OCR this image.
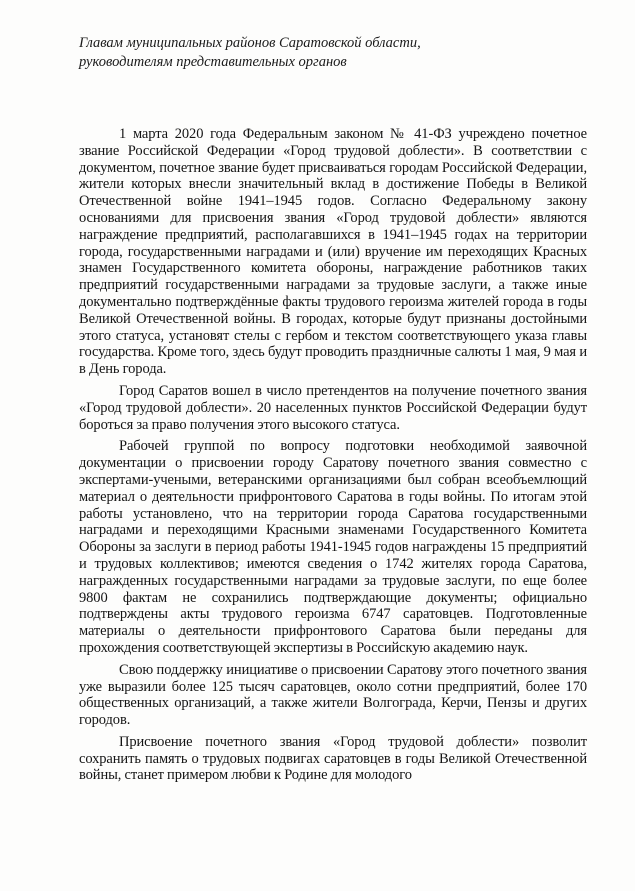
Главам муниципальных районов Саратовской области,
руководителям представительных органов

1 марта 2020 года Федеральным законом № 41-ФЗ учреждено почетное звание Российской Федерации «Город трудовой доблести». В соответствии с документом, почетное звание будет присваиваться городам Российской Федерации, жители которых внесли значительный вклад в достижение Победы в Великой Отечественной войне 1941–1945 годов. Согласно Федеральному закону основаниями для присвоения звания «Город трудовой доблести» являются награждение предприятий, располагавшихся в 1941–1945 годах на территории города, государственными наградами и (или) вручение им переходящих Красных знамен Государственного комитета обороны, награждение работников таких предприятий государственными наградами за трудовые заслуги, а также иные документально подтверждённые факты трудового героизма жителей города в годы Великой Отечественной войны. В городах, которые будут признаны достойными этого статуса, установят стелы с гербом и текстом соответствующего указа главы государства. Кроме того, здесь будут проводить праздничные салюты 1 мая, 9 мая и в День города.

Город Саратов вошел в число претендентов на получение почетного звания «Город трудовой доблести». 20 населенных пунктов Российской Федерации будут бороться за право получения этого высокого статуса.

Рабочей группой по вопросу подготовки необходимой заявочной документации о присвоении городу Саратову почетного звания совместно с экспертами-учеными, ветеранскими организациями был собран всеобъемлющий материал о деятельности прифронтового Саратова в годы войны. По итогам этой работы установлено, что на территории города Саратова государственными наградами и переходящими Красными знаменами Государственного Комитета Обороны за заслуги в период работы 1941-1945 годов награждены 15 предприятий и трудовых коллективов; имеются сведения о 1742 жителях города Саратова, награжденных государственными наградами за трудовые заслуги, по еще более 9800 фактам не сохранились подтверждающие документы; официально подтверждены акты трудового героизма 6747 саратовцев. Подготовленные материалы о деятельности прифронтового Саратова были переданы для прохождения соответствующей экспертизы в Российскую академию наук.

Свою поддержку инициативе о присвоении Саратову этого почетного звания уже выразили более 125 тысяч саратовцев, около сотни предприятий, более 170 общественных организаций, а также жители Волгограда, Керчи, Пензы и других городов.

Присвоение почетного звания «Город трудовой доблести» позволит сохранить память о трудовых подвигах саратовцев в годы Великой Отечественной войны, станет примером любви к Родине для молодого
